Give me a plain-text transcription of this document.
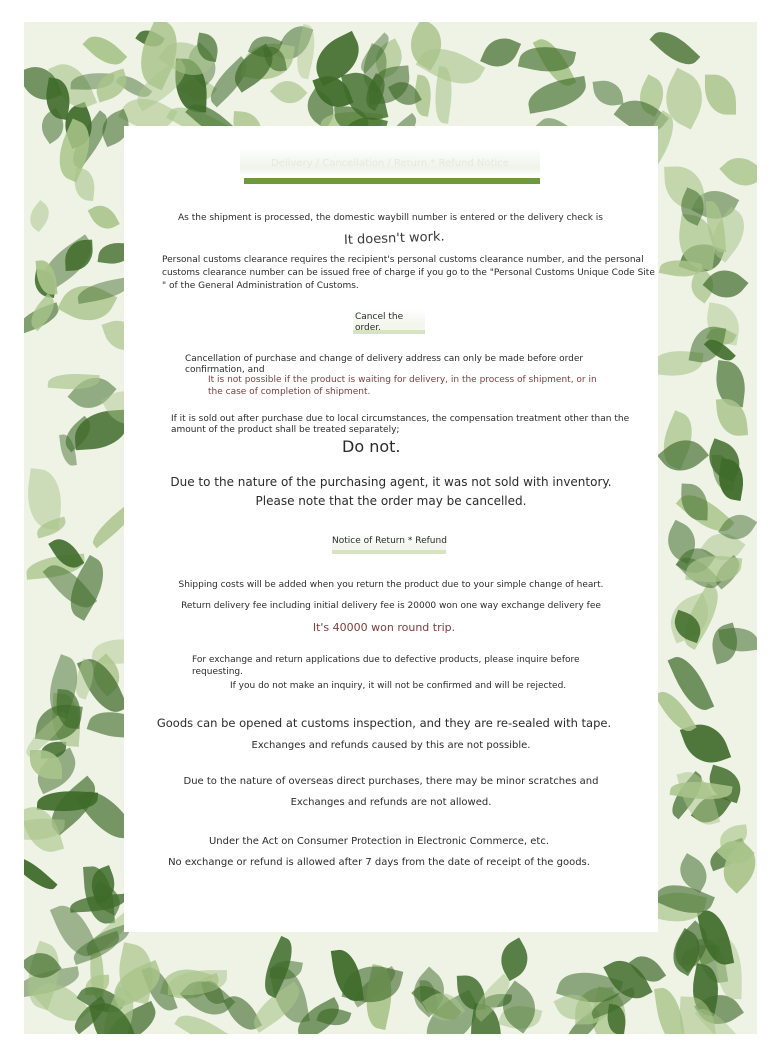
Delivery / Cancellation / Return * Refund Notice

As the shipment is processed, the domestic waybill number is entered or the delivery check is

It doesn't work.

Personal customs clearance requires the recipient's personal customs clearance number, and the personal

customs clearance number can be issued free of charge if you go to the "Personal Customs Unique Code Site

" of the General Administration of Customs.

Cancel the

order.

Cancellation of purchase and change of delivery address can only be made before order

confirmation, and

It is not possible if the product is waiting for delivery, in the process of shipment, or in

the case of completion of shipment.

If it is sold out after purchase due to local circumstances, the compensation treatment other than the

amount of the product shall be treated separately;

Do not.

Due to the nature of the purchasing agent, it was not sold with inventory.

Please note that the order may be cancelled.

Notice of Return * Refund

Shipping costs will be added when you return the product due to your simple change of heart.

Return delivery fee including initial delivery fee is 20000 won one way exchange delivery fee

It's 40000 won round trip.

For exchange and return applications due to defective products, please inquire before

requesting.

If you do not make an inquiry, it will not be confirmed and will be rejected.

Goods can be opened at customs inspection, and they are re-sealed with tape.

Exchanges and refunds caused by this are not possible.

Due to the nature of overseas direct purchases, there may be minor scratches and

Exchanges and refunds are not allowed.

Under the Act on Consumer Protection in Electronic Commerce, etc.

No exchange or refund is allowed after 7 days from the date of receipt of the goods.
